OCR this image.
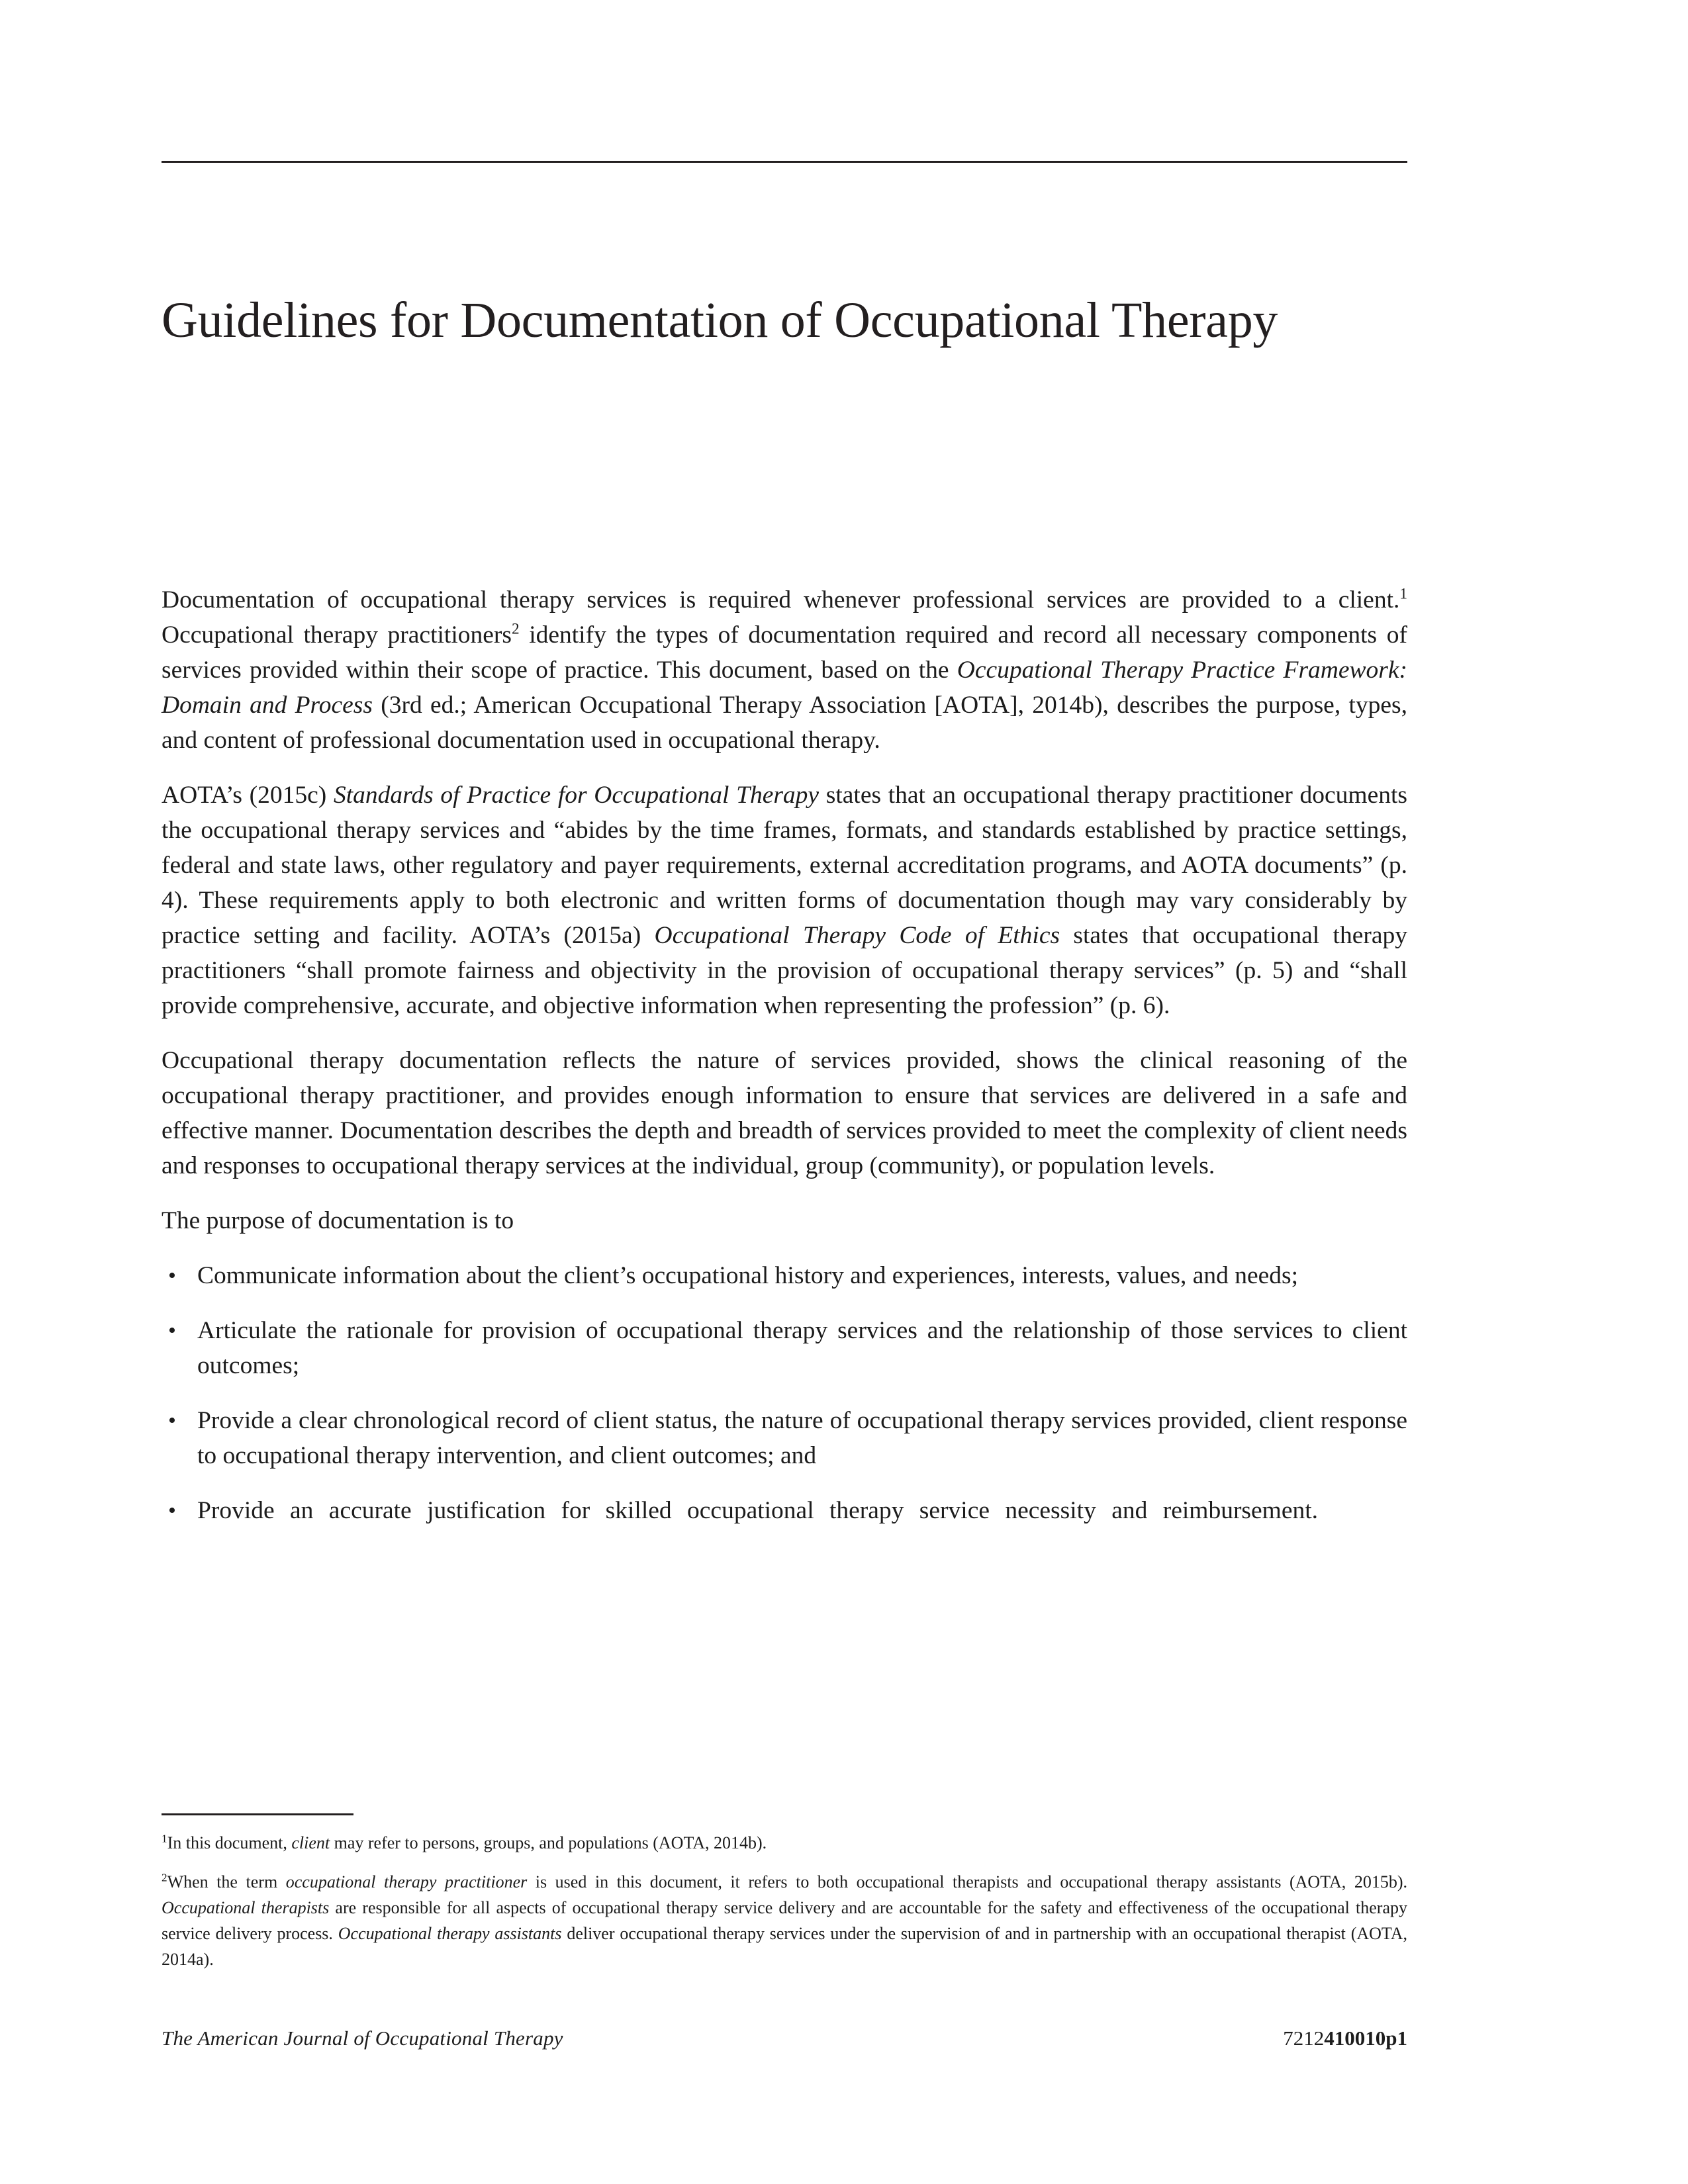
Guidelines for Documentation of Occupational Therapy

Documentation of occupational therapy services is required whenever professional services are provided to a client.$^1$ Occupational therapy practitioners$^2$ identify the types of documentation required and record all necessary components of services provided within their scope of practice. This document, based on the Occupational Therapy Practice Framework: Domain and Process (3rd ed.; American Occupational Therapy Association [AOTA], 2014b), describes the purpose, types, and content of professional documentation used in occupational therapy.

AOTA’s (2015c) Standards of Practice for Occupational Therapy states that an occupational therapy practitioner documents the occupational therapy services and “abides by the time frames, formats, and standards established by practice settings, federal and state laws, other regulatory and payer requirements, external accreditation programs, and AOTA documents” (p. 4). These requirements apply to both electronic and written forms of documentation though may vary considerably by practice setting and facility. AOTA’s (2015a) Occupational Therapy Code of Ethics states that occupational therapy practitioners “shall promote fairness and objectivity in the provision of occupational therapy services” (p. 5) and “shall provide comprehensive, accurate, and objective information when representing the profession” (p. 6).

Occupational therapy documentation reflects the nature of services provided, shows the clinical reasoning of the occupational therapy practitioner, and provides enough information to ensure that services are delivered in a safe and effective manner. Documentation describes the depth and breadth of services provided to meet the complexity of client needs and responses to occupational therapy services at the individual, group (community), or population levels.

The purpose of documentation is to

• Communicate information about the client’s occupational history and experiences, interests, values, and needs;
• Articulate the rationale for provision of occupational therapy services and the relationship of those services to client outcomes;
• Provide a clear chronological record of client status, the nature of occupational therapy services provided, client response to occupational therapy intervention, and client outcomes; and
• Provide an accurate justification for skilled occupational therapy service necessity and reimbursement.

$^1$In this document, client may refer to persons, groups, and populations (AOTA, 2014b).

$^2$When the term occupational therapy practitioner is used in this document, it refers to both occupational therapists and occupational therapy assistants (AOTA, 2015b). Occupational therapists are responsible for all aspects of occupational therapy service delivery and are accountable for the safety and effectiveness of the occupational therapy service delivery process. Occupational therapy assistants deliver occupational therapy services under the supervision of and in partnership with an occupational therapist (AOTA, 2014a).

The American Journal of Occupational Therapy	7212410010p1
